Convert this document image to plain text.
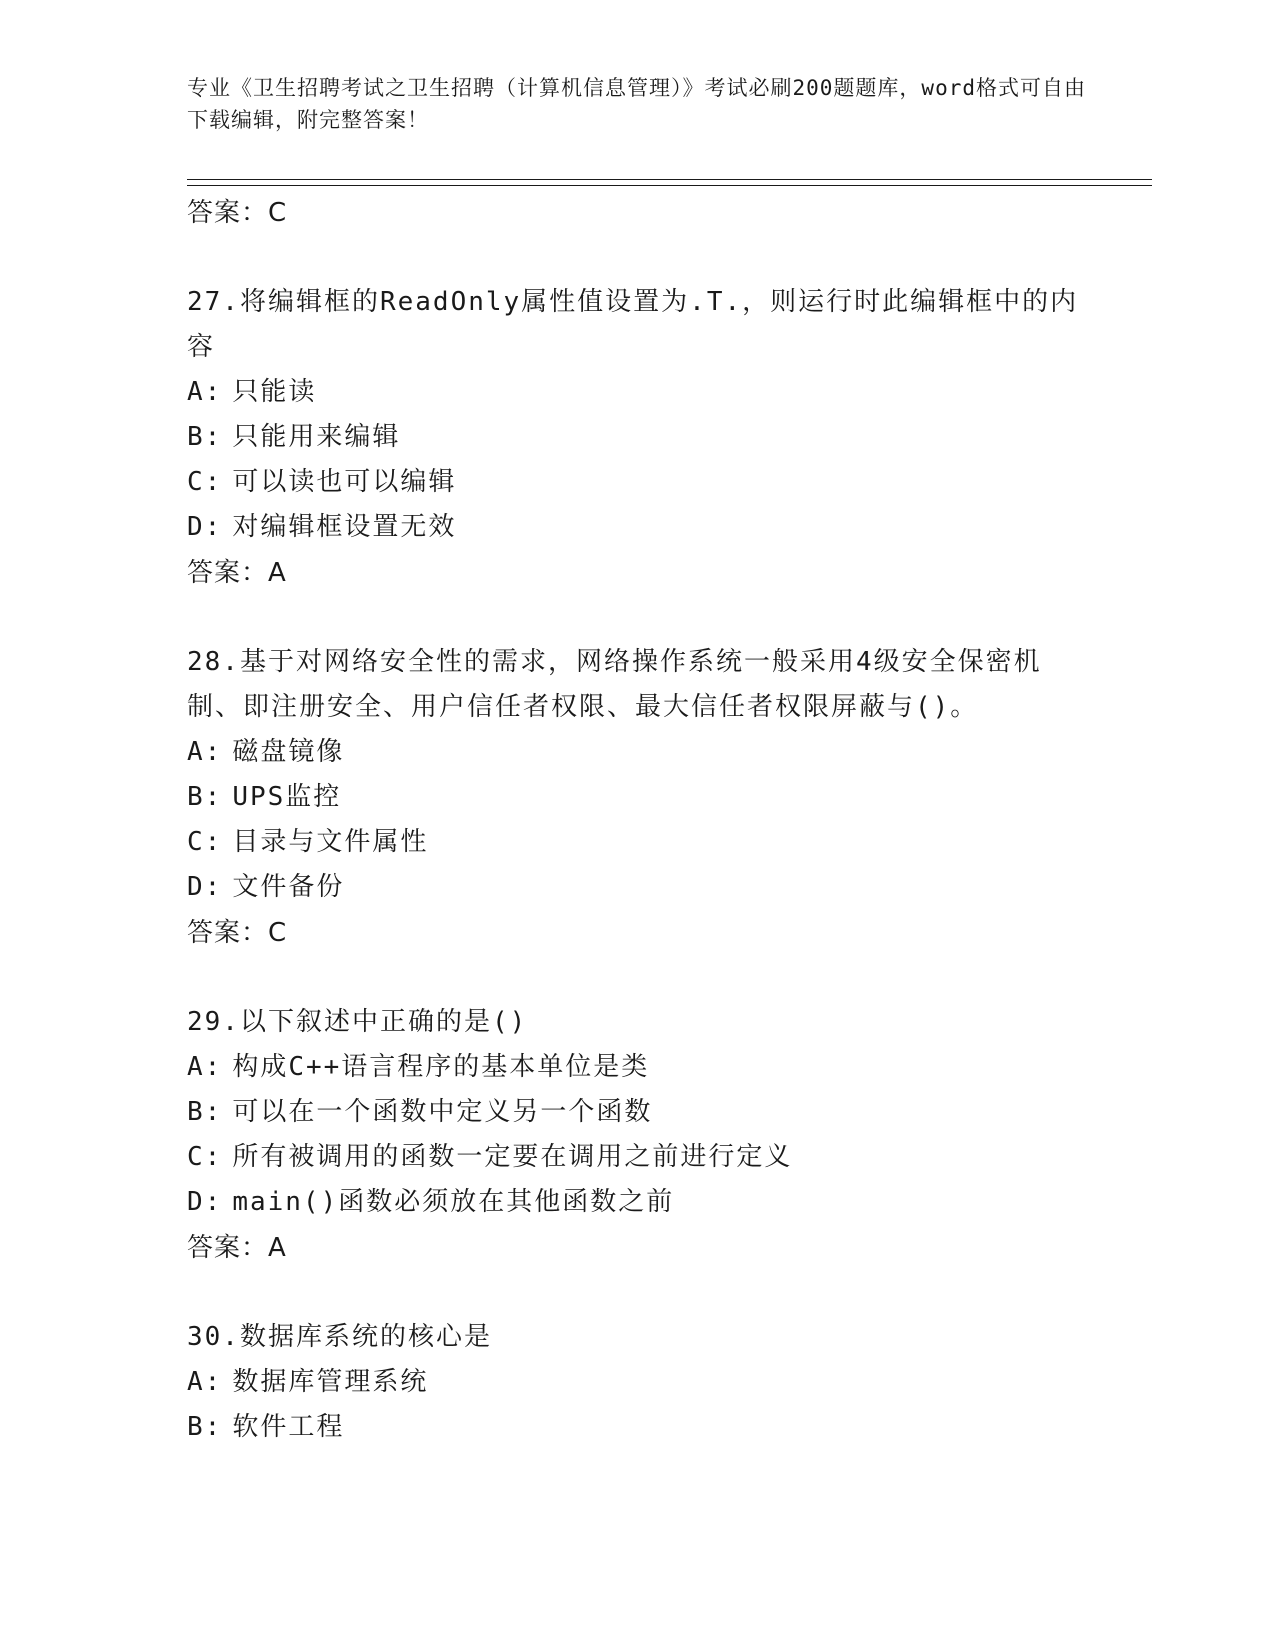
专业《卫生招聘考试之卫生招聘（计算机信息管理）》考试必刷200题题库，word格式可自由下载编辑，附完整答案！
答案：C
27.将编辑框的ReadOnly属性值设置为.T.，则运行时此编辑框中的内容
A: 只能读
B: 只能用来编辑
C: 可以读也可以编辑
D: 对编辑框设置无效
答案：A
28.基于对网络安全性的需求，网络操作系统一般采用4级安全保密机制、即注册安全、用户信任者权限、最大信任者权限屏蔽与()。
A: 磁盘镜像
B: UPS监控
C: 目录与文件属性
D: 文件备份
答案：C
29.以下叙述中正确的是()
A: 构成C++语言程序的基本单位是类
B: 可以在一个函数中定义另一个函数
C: 所有被调用的函数一定要在调用之前进行定义
D: main()函数必须放在其他函数之前
答案：A
30.数据库系统的核心是
A: 数据库管理系统
B: 软件工程
